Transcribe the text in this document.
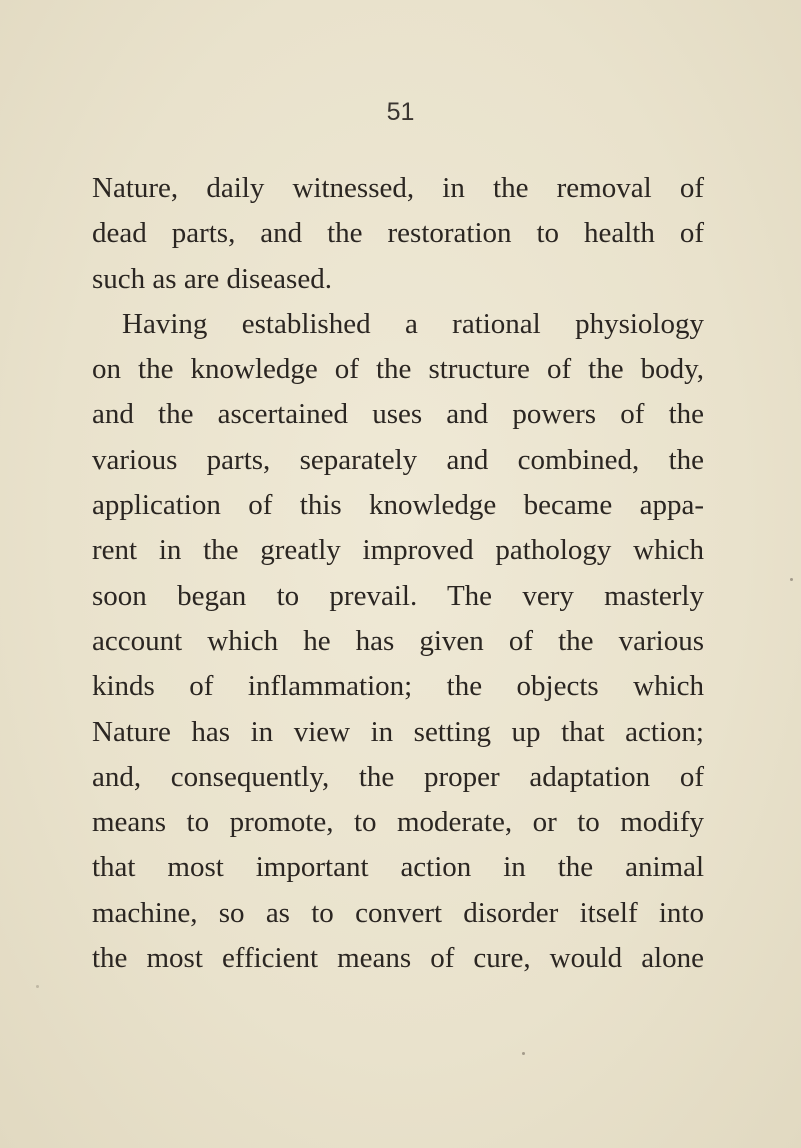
51
Nature, daily witnessed, in the removal of
dead parts, and the restoration to health of
such as are diseased.
Having established a rational physiology
on the knowledge of the structure of the body,
and the ascertained uses and powers of the
various parts, separately and combined, the
application of this knowledge became appa-
rent in the greatly improved pathology which
soon began to prevail. The very masterly
account which he has given of the various
kinds of inflammation; the objects which
Nature has in view in setting up that action;
and, consequently, the proper adaptation of
means to promote, to moderate, or to modify
that most important action in the animal
machine, so as to convert disorder itself into
the most efficient means of cure, would alone
